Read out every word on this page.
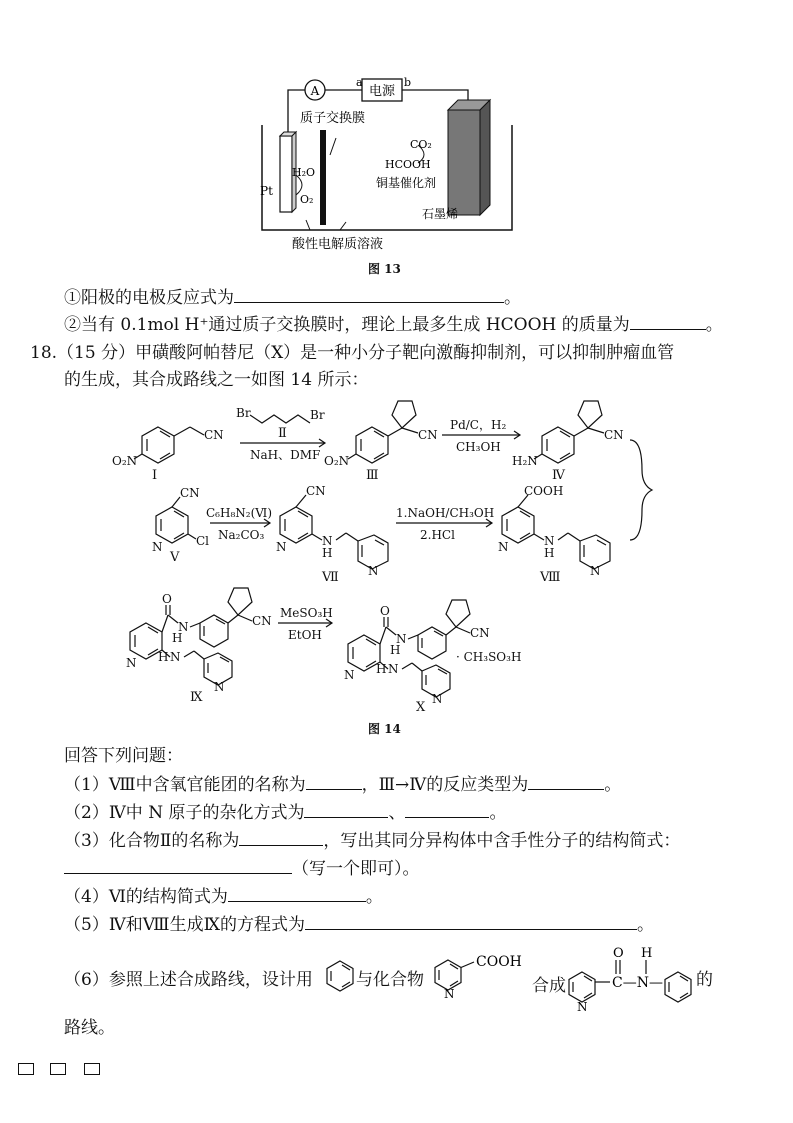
A	电源
a	b
质子交换膜
CO₂
HCOOH
铜基催化剂
Pt
H₂O
O₂
石墨烯
酸性电解质溶液
图 13
①阳极的电极反应式为	。
②当有 0.1mol H⁺通过质子交换膜时，理论上最多生成 HCOOH 的质量为	。
18.（15 分）甲磺酸阿帕替尼（X）是一种小分子靶向激酶抑制剂，可以抑制肿瘤血管
的生成，其合成路线之一如图 14 所示：
O₂N
CN
Ⅰ
Br	Br
Ⅱ
NaH、DMF O₂N
CN
Ⅲ
Pd/C，H₂
CH₃OH
H₂N
CN
Ⅳ
CN
N	Cl
Ⅴ
C₆H₈N₂(Ⅵ)
Na₂CO₃
CN
N	N
H
N
Ⅶ
1.NaOH/CH₃OH
2.HCl
COOH
N	N
H
N
Ⅷ
O
N
H
CN
N	N
H
N
Ⅸ
MeSO₃H
EtOH
O
N
H
CN
N	N
H
N
· CH₃SO₃H
X
图 14
回答下列问题：
（1）Ⅷ中含氧官能团的名称为	，Ⅲ→Ⅳ的反应类型为	。
（2）Ⅳ中 N 原子的杂化方式为	、	。
（3）化合物Ⅱ的名称为	，写出其同分异构体中含手性分子的结构简式：
（写一个即可）。
（4）Ⅵ的结构简式为	。
（5）Ⅳ和Ⅷ生成Ⅸ的方程式为	。
（6）参照上述合成路线，设计用	与化合物
N
COOH
合成
N
O H
C—N— 的
路线。
